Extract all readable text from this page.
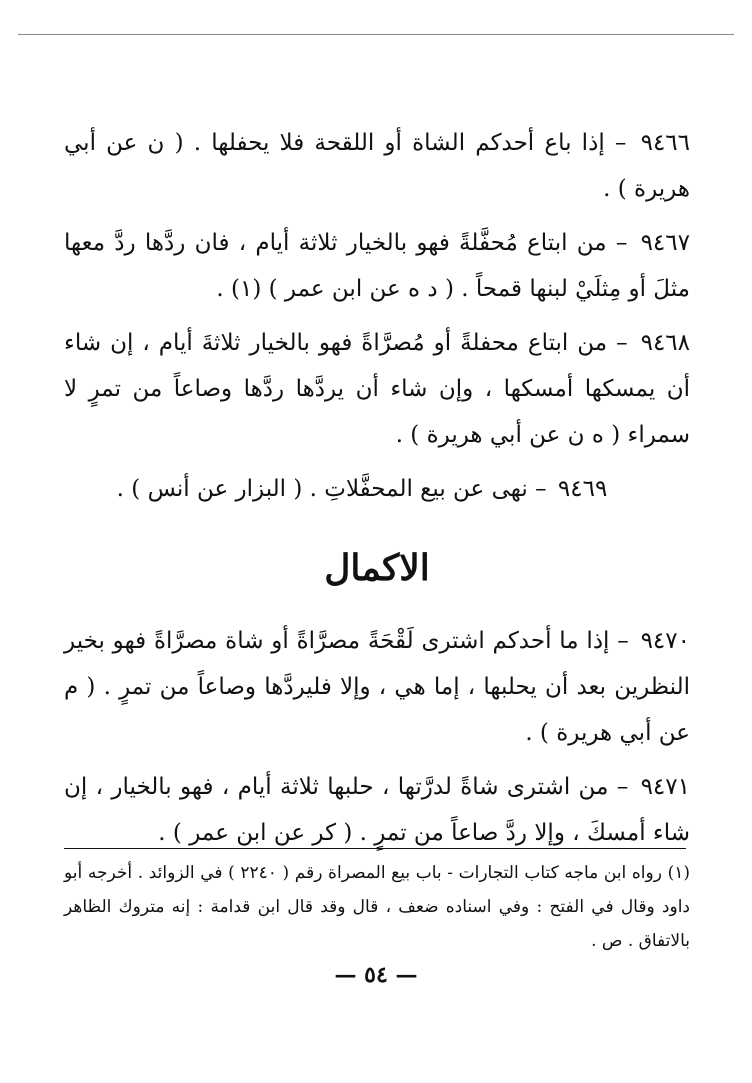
٩٤٦٦ – إذا باع أحدكم الشاة أو اللقحة فلا يحفلها . ( ن عن أبي هريرة ) .

٩٤٦٧ – من ابتاع مُحفَّلةً فهو بالخيار ثلاثة أيام ، فان ردَّها ردَّ معها مثلَ أو مِثلَيْ لبنها قمحاً . ( د ه عن ابن عمر ) (١) .

٩٤٦٨ – من ابتاع محفلةً أو مُصرَّاةً فهو بالخيار ثلاثةَ أيام ، إن شاء أن يمسكها أمسكها ، وإن شاء أن يردَّها ردَّها وصاعاً من تمرٍ لا سمراء ( ه ن عن أبي هريرة ) .

٩٤٦٩ – نهى عن بيع المحفَّلاتِ . ( البزار عن أنس ) .

الاكمال

٩٤٧٠ – إذا ما أحدكم اشترى لَقْحَةً مصرَّاةً أو شاة مصرَّاةً فهو بخير النظرين بعد أن يحلبها ، إما هي ، وإلا فليردَّها وصاعاً من تمرٍ . ( م عن أبي هريرة ) .

٩٤٧١ – من اشترى شاةً لدرَّتها ، حلبها ثلاثة أيام ، فهو بالخيار ، إن شاء أمسكَ ، وإلا ردَّ صاعاً من تمرٍ . ( كر عن ابن عمر ) .

(١) رواه ابن ماجه كتاب التجارات - باب بيع المصراة رقم ( ٢٢٤٠ ) في الزوائد . أخرجه أبو داود وقال في الفتح : وفي اسناده ضعف ، قال وقد قال ابن قدامة : إنه متروك الظاهر بالاتفاق . ص .

— ٥٤ —
